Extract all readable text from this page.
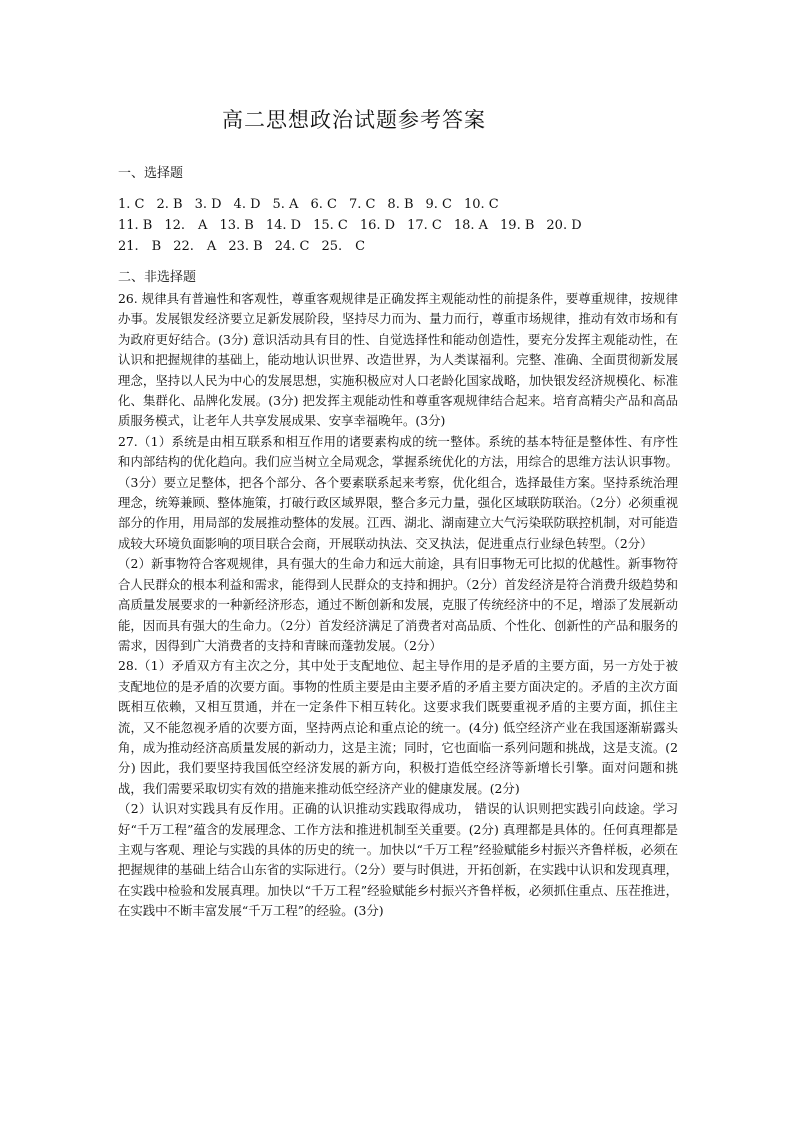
高二思想政治试题参考答案
一、选择题
1. C 2. B 3. D 4. D 5. A 6. C 7. C 8. B 9. C 10. C
11. B 12.　A 13. B 14. D 15. C 16. D 17. C 18. A 19. B 20. D
21.　B 22.　A 23. B 24. C 25.　C
二、非选择题

26. 规律具有普遍性和客观性，尊重客观规律是正确发挥主观能动性的前提条件，要尊重规律，按规律办事。发展银发经济要立足新发展阶段，坚持尽力而为、量力而行，尊重市场规律，推动有效市场和有为政府更好结合。(3分) 意识活动具有目的性、自觉选择性和能动创造性，要充分发挥主观能动性，在认识和把握规律的基础上，能动地认识世界、改造世界，为人类谋福利。完整、准确、全面贯彻新发展理念，坚持以人民为中心的发展思想，实施积极应对人口老龄化国家战略，加快银发经济规模化、标准化、集群化、品牌化发展。(3分) 把发挥主观能动性和尊重客观规律结合起来。培育高精尖产品和高品质服务模式，让老年人共享发展成果、安享幸福晚年。(3分)

27.（1）系统是由相互联系和相互作用的诸要素构成的统一整体。系统的基本特征是整体性、有序性和内部结构的优化趋向。我们应当树立全局观念，掌握系统优化的方法，用综合的思维方法认识事物。（3分）要立足整体，把各个部分、各个要素联系起来考察，优化组合，选择最佳方案。坚持系统治理理念，统筹兼顾、整体施策，打破行政区域界限，整合多元力量，强化区域联防联治。（2分）必须重视部分的作用，用局部的发展推动整体的发展。江西、湖北、湖南建立大气污染联防联控机制，对可能造成较大环境负面影响的项目联合会商，开展联动执法、交叉执法，促进重点行业绿色转型。（2分）

（2）新事物符合客观规律，具有强大的生命力和远大前途，具有旧事物无可比拟的优越性。新事物符合人民群众的根本利益和需求，能得到人民群众的支持和拥护。（2分）首发经济是符合消费升级趋势和高质量发展要求的一种新经济形态，通过不断创新和发展，克服了传统经济中的不足，增添了发展新动能，因而具有强大的生命力。（2分）首发经济满足了消费者对高品质、个性化、创新性的产品和服务的需求，因得到广大消费者的支持和青睐而蓬勃发展。（2分）

28.（1）矛盾双方有主次之分，其中处于支配地位、起主导作用的是矛盾的主要方面，另一方处于被支配地位的是矛盾的次要方面。事物的性质主要是由主要矛盾的矛盾主要方面决定的。矛盾的主次方面既相互依赖，又相互贯通，并在一定条件下相互转化。这要求我们既要重视矛盾的主要方面，抓住主流，又不能忽视矛盾的次要方面，坚持两点论和重点论的统一。(4分) 低空经济产业在我国逐渐崭露头角，成为推动经济高质量发展的新动力，这是主流；同时，它也面临一系列问题和挑战，这是支流。(2分) 因此，我们要坚持我国低空经济发展的新方向，积极打造低空经济等新增长引擎。面对问题和挑战，我们需要采取切实有效的措施来推动低空经济产业的健康发展。(2分)

（2）认识对实践具有反作用。正确的认识推动实践取得成功， 错误的认识则把实践引向歧途。学习好“千万工程”蕴含的发展理念、工作方法和推进机制至关重要。(2分) 真理都是具体的。任何真理都是主观与客观、理论与实践的具体的历史的统一。加快以“千万工程”经验赋能乡村振兴齐鲁样板，必须在把握规律的基础上结合山东省的实际进行。（2分）要与时俱进，开拓创新，在实践中认识和发现真理，在实践中检验和发展真理。加快以“千万工程”经验赋能乡村振兴齐鲁样板，必须抓住重点、压茬推进，在实践中不断丰富发展“千万工程”的经验。(3分)
